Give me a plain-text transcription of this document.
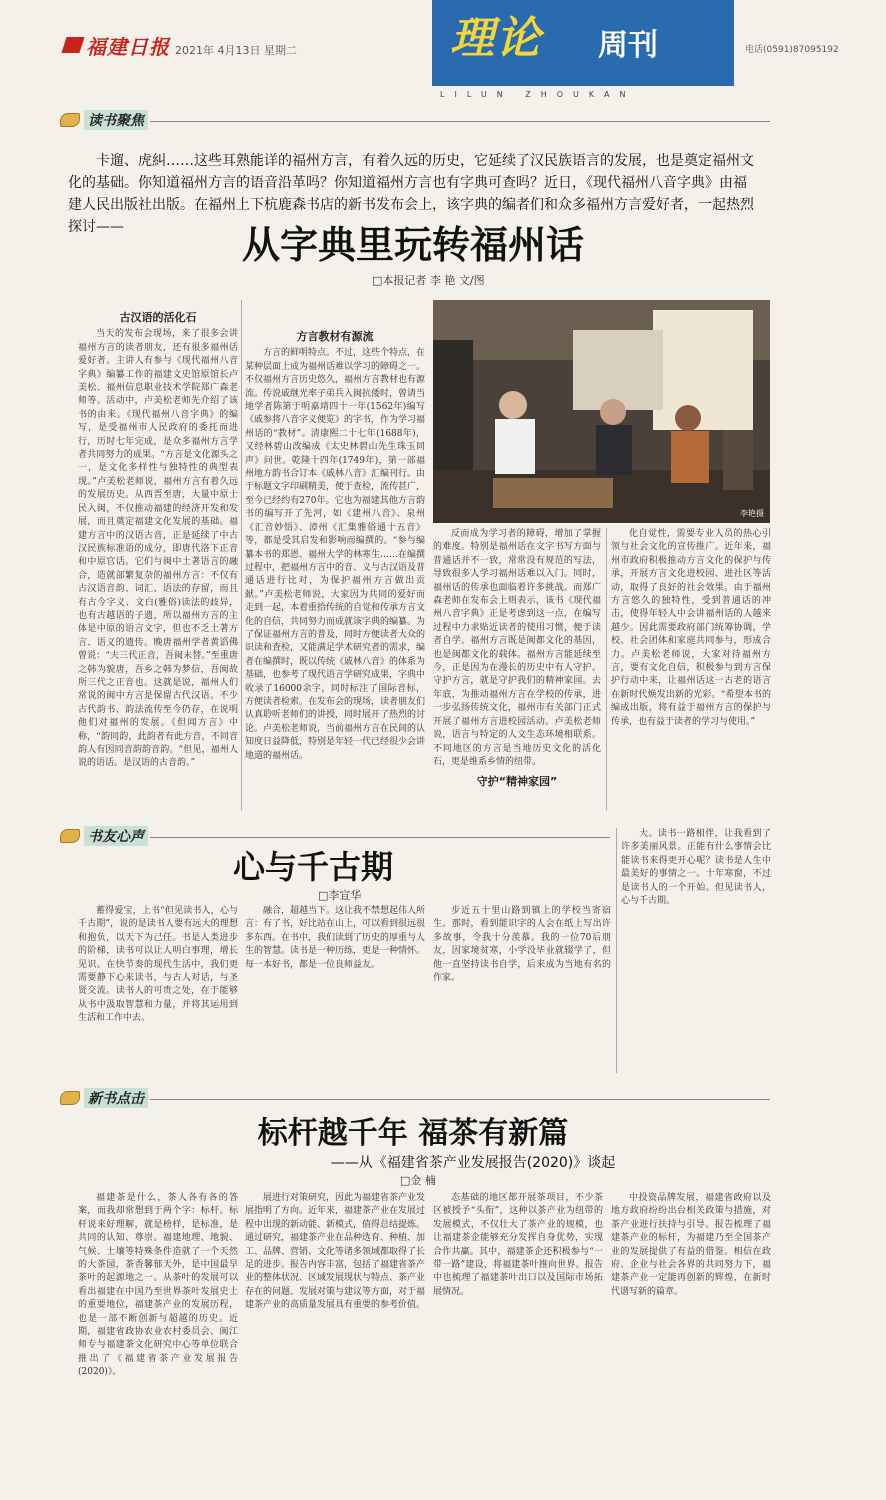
福建日报 2021年 4月13日 星期二	理论 周刊
LILUN ZHOUKAN
电话(0591)87095192
读书聚焦
卡遛、虎糾……这些耳熟能详的福州方言，有着久远的历史，它延续了汉民族语言的发展，也是奠定福州文化的基础。你知道福州方言的语音沿革吗？你知道福州方言也有字典可查吗？近日，《现代福州八音字典》由福建人民出版社出版。在福州上下杭鹿森书店的新书发布会上，该字典的编者们和众多福州方言爱好者，一起热烈探讨——	从字典里玩转福州话
□本报记者 李 艳 文/图
古汉语的活化石

当天的发布会现场，来了很多会讲福州方言的读者朋友，还有很多福州话爱好者。主讲人有参与《现代福州八音字典》编纂工作的福建文史馆原馆长卢美松、福州信息职业技术学院郑广森老师等。活动中，卢美松老师先介绍了该书的由来。《现代福州八音字典》的编写，是受福州市人民政府的委托而进行，历时七年完成，是众多福州方言学者共同努力的成果。“方言是文化源头之一，是文化多样性与独特性的典型表现。”卢美松老师说，福州方言有着久远的发展历史。从西晋至唐，大量中原士民入闽，不仅推动福建的经济开发和发展，而且奠定福建文化发展的基础。福建方言中的汉语古音，正是延续了中古汉民族标准语的成分，即唐代洛下正音和中原官话。它们与闽中土著语言的融合，造就部繁复杂的福州方言：不仅有古汉语音韵、词汇、语法的存留，而且有古今字义、文白(雅俗)读法的歧异，也有古越语的子遗，所以福州方言的主体是中原的语言文字，但也不乏土著方言、语义的遗传。晚唐福州学者黄滔佛曾说：“夫三代正音，吾闽未替。”至重唐之韩为貌唐，吾乡之韩为梦信，吾闽故所三代之正音也。这就是说，福州人们常说的闽中方言是保留古代汉语。不少古代韵书、韵法流传至今仍存，在说明他们对福州的发展。《但闻方言》中称，“韵同韵，此韵者有此方音，不同音韵人有因同音韵韵音韵。“但见，福州人说的语话。是汉语的古音韵。”

方言教材有源流

方言的鲜明特点。不过，这些个特点，在某种层面上成为福州话难以学习的障碍之一。不仅福州方言历史悠久，福州方言教材也有源流。传说戚继光率子弟兵入闽抗倭时，曾请当地学者陈第于明嘉靖四十一年(1562年)编写《戚参将八音字义便览》的字书，作为学习福州话的“教材”。清康熙二十七年(1688年)，又经林碧山改编成《太史林碧山先生珠玉同声》问世。乾隆十四年(1749年)，第一部福州地方韵书合订本《戚林八音》汇编刊行。由于标题文字印刷精美，便于查检，流传甚广，至今已经约有270年。它也为福建其他方言韵书的编写开了先河，如《建州八音》、泉州《汇音妙悟》、漳州《汇集雅俗通十五音》等，都是受其启发和影响而编撰的。“参与编纂本书的郑恩、福州大学的林寒生……在编撰过程中，把福州方言中的音、义与古汉语及普通话进行比对，为保护福州方言做出贡献。”卢美松老师说，大家因为共同的爱好而走到一起，本着重拾传统的自觉和传承方言文化的自信，共同努力而成就该字典的编纂。为了保证福州方言的普及，同时方便读者大众的识读和查检，又能满足学术研究者的需求，编者在编撰时，既以传统《戚林八音》的体系为基础，也参考了现代语言学研究成果，字典中收录了16000余字，同时标注了国际音标，方便读者检索。在发布会的现场，读者朋友们认真聆听老师们的讲授，同时展开了热烈的讨论。卢美松老师说，当前福州方言在民间的认知度日益降低，特别是年轻一代已经很少会讲地道的福州话。

李艳摄

反而成为学习者的障碍，增加了掌握的难度。特别是福州话在文字书写方面与普通话并不一致，常常没有规范的写法，导致很多人学习福州话难以入门。同时，福州话的传承也面临着许多挑战。而郑广森老师在发布会上则表示，该书《现代福州八音字典》正是考虑到这一点，在编写过程中力求贴近读者的使用习惯，便于读者自学。福州方言既是闽都文化的基因，也是闽都文化的载体。福州方言能延续至今，正是因为在漫长的历史中有人守护。守护方言，就是守护我们的精神家园。去年底，为推动福州方言在学校的传承，进一步弘扬传统文化，福州市有关部门正式开展了福州方言进校园活动。卢美松老师说，语言与特定的人文生态环境相联系。不同地区的方言是当地历史文化的活化石，更是维系乡情的纽带。

守护“精神家园”

化自觉性，需要专业人员的热心引领与社会文化的宣传推广。近年来，福州市政府积极推动方言文化的保护与传承，开展方言文化进校园、进社区等活动，取得了良好的社会效果。由于福州方言悠久的独特性，受到普通话的冲击，使得年轻人中会讲福州话的人越来越少。因此需要政府部门统筹协调，学校、社会团体和家庭共同参与，形成合力。卢美松老师说，大家对待福州方言，要有文化自信，积极参与到方言保护行动中来，让福州话这一古老的语言在新时代焕发出新的光彩。“希望本书的编成出版，将有益于福州方言的保护与传承，也有益于读者的学习与使用。”

书友心声
心与千古期
□李宣华

蓄得爱宝，上书“但见读书人，心与千古期”，说的是读书人要有远大的理想和抱负，以天下为己任。书是人类进步的阶梯，读书可以让人明白事理，增长见识。在快节奏的现代生活中，我们更需要静下心来读书，与古人对话，与圣贤交流。读书人的可贵之处，在于能够从书中汲取智慧和力量，并将其运用到生活和工作中去。

融合，超越当下。这让我不禁想起伟人所言：有了书，好比站在山上，可以看到很远很多东西。在书中，我们读到了历史的厚重与人生的智慧。读书是一种历练，更是一种情怀。每一本好书，都是一位良师益友。

步近五十里山路到镇上的学校当寄宿生。那时，看到能识字的人会在纸上写出许多故事，令我十分羡慕。我的一位70后朋友，因家境贫寒，小学没毕业就辍学了，但他一直坚持读书自学，后来成为当地有名的作家。

大。读书一路相伴，让我看到了许多美丽风景。正能有什么事情会比能读书来得更开心呢？读书是人生中最美好的事情之一。十年寒窗，不过是读书人的一个开始。但见读书人，心与千古期。

新书点击
标杆越千年 福茶有新篇
——从《福建省茶产业发展报告(2020)》谈起
□金 楠

福建茶是什么，茶人各有各的答案，而我却常想到于两个字：标杆。标杆说来好理解，就是榜样，是标准，是共同的认知、尊崇。福建地理、地貌、气候、土壤等特殊条件造就了一个天然的大茶园，茶香馨郁天外，是中国最早茶叶的起源地之一。从茶叶的发展可以看出福建在中国乃至世界茶叶发展史上的重要地位，福建茶产业的发展历程，也是一部不断创新与超越的历史。近期，福建省政协农业农村委员会、闽江师专与福建茶文化研究中心等单位联合推出了《福建省茶产业发展报告(2020)》。

展进行对策研究，因此为福建省茶产业发展指明了方向。近年来，福建茶产业在发展过程中出现的新动能、新模式，值得总结提炼。通过研究，福建茶产业在品种选育、种植、加工、品牌、营销、文化等诸多领域都取得了长足的进步。报告内容丰富，包括了福建省茶产业的整体状况、区域发展现状与特点、茶产业存在的问题、发展对策与建议等方面，对于福建茶产业的高质量发展具有重要的参考价值。

态基础的地区都开展茶项目，不少茶区被授予“头衔”，这种以茶产业为纽带的发展模式，不仅壮大了茶产业的规模，也让福建茶企能够充分发挥自身优势，实现合作共赢。其中，福建茶企还积极参与“一带一路”建设，将福建茶叶推向世界。报告中也梳理了福建茶叶出口以及国际市场拓展情况。

中投资品牌发展，福建省政府以及地方政府纷纷出台相关政策与措施，对茶产业进行扶持与引导。报告梳理了福建茶产业的标杆，为福建乃至全国茶产业的发展提供了有益的借鉴。相信在政府、企业与社会各界的共同努力下，福建茶产业一定能再创新的辉煌，在新时代谱写新的篇章。
